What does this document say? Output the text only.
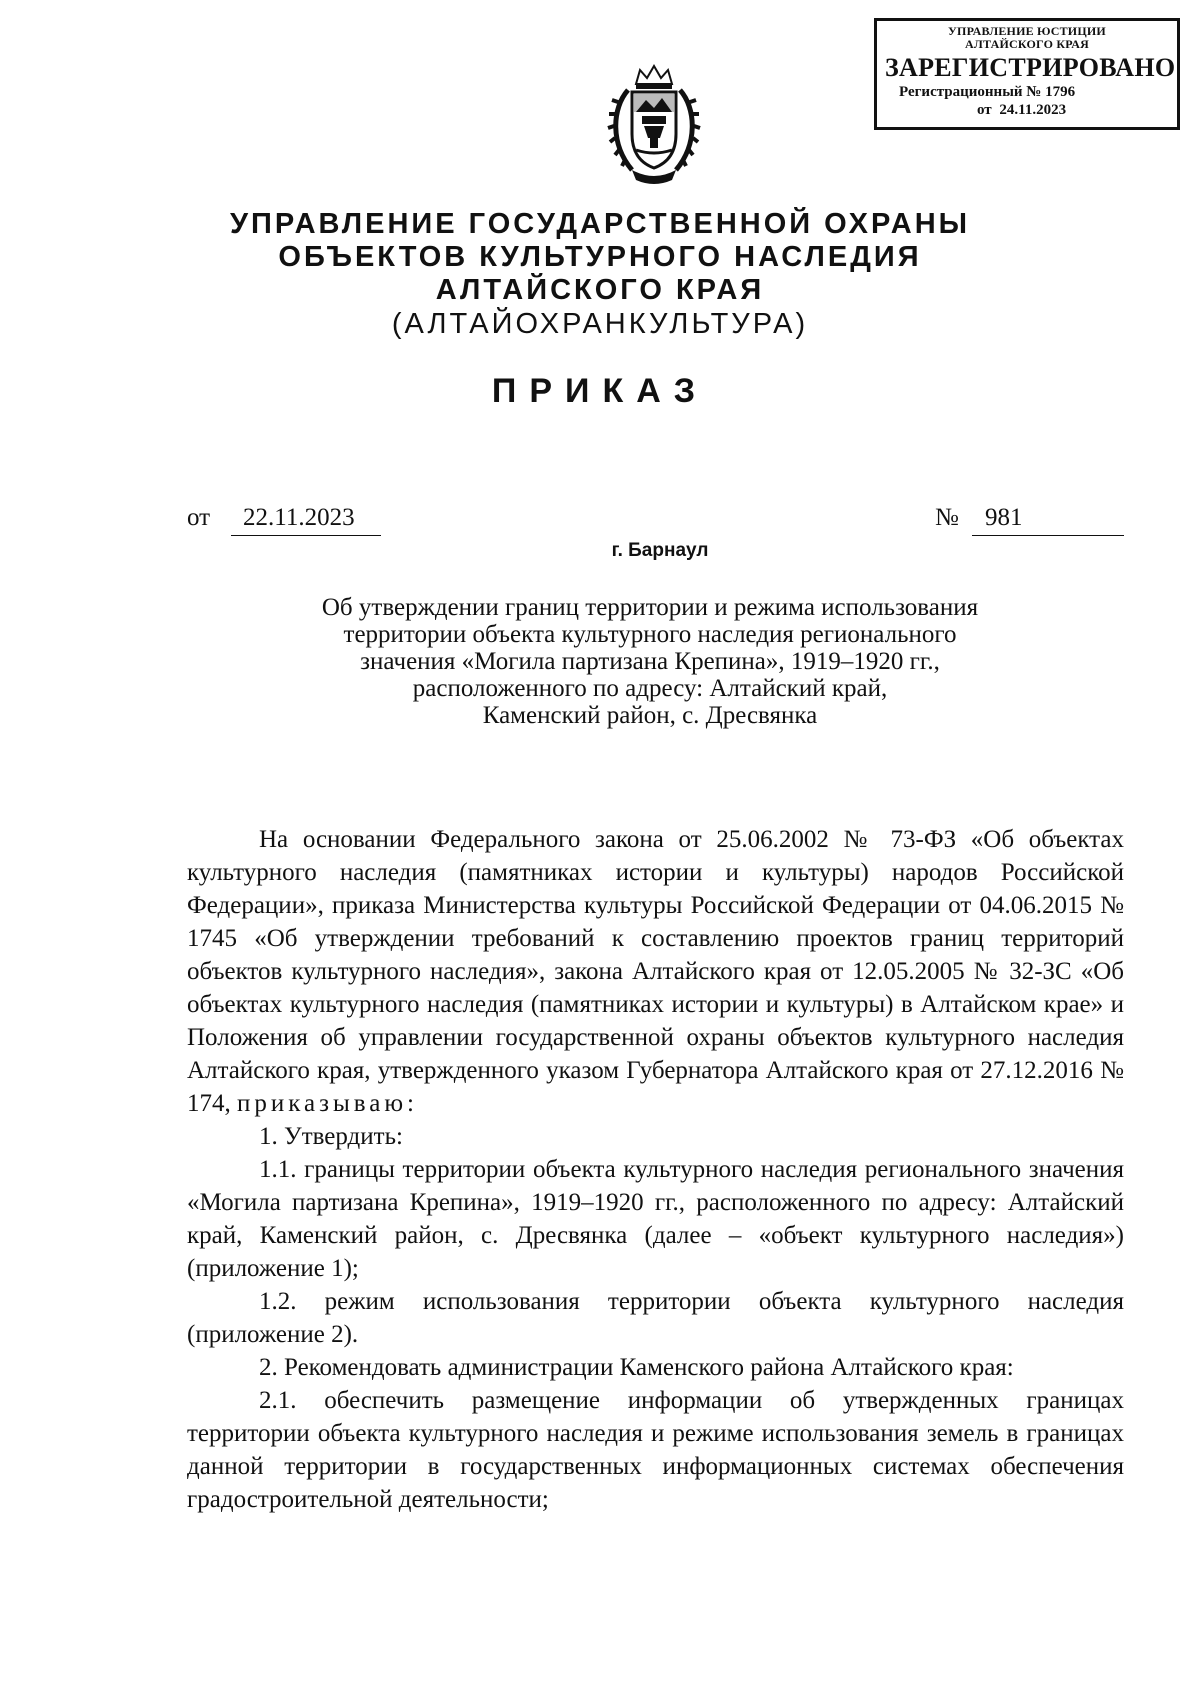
УПРАВЛЕНИЕ ЮСТИЦИИ
АЛТАЙСКОГО КРАЯ
ЗАРЕГИСТРИРОВАНО
Регистрационный № 1796
от 24.11.2023
УПРАВЛЕНИЕ ГОСУДАРСТВЕННОЙ ОХРАНЫ
ОБЪЕКТОВ КУЛЬТУРНОГО НАСЛЕДИЯ
АЛТАЙСКОГО КРАЯ
(АЛТАЙОХРАНКУЛЬТУРА)
ПРИКАЗ
от	22.11.2023	№	981
г. Барнаул
Об утверждении границ территории и режима использования
территории объекта культурного наследия регионального
значения «Могила партизана Крепина», 1919–1920 гг.,
расположенного по адресу: Алтайский край,
Каменский район, с. Дресвянка

На основании Федерального закона от 25.06.2002 № 73-ФЗ «Об объектах культурного наследия (памятниках истории и культуры) народов Российской Федерации», приказа Министерства культуры Российской Федерации от 04.06.2015 № 1745 «Об утверждении требований к составлению проектов границ территорий объектов культурного наследия», закона Алтайского края от 12.05.2005 № 32-ЗС «Об объектах культурного наследия (памятниках истории и культуры) в Алтайском крае» и Положения об управлении государственной охраны объектов культурного наследия Алтайского края, утвержденного указом Губернатора Алтайского края от 27.12.2016 № 174, приказываю:

1. Утвердить:

1.1. границы территории объекта культурного наследия регионального значения «Могила партизана Крепина», 1919–1920 гг., расположенного по адресу: Алтайский край, Каменский район, с. Дресвянка (далее – «объект культурного наследия») (приложение 1);

1.2. режим использования территории объекта культурного наследия (приложение 2).

2. Рекомендовать администрации Каменского района Алтайского края:

2.1. обеспечить размещение информации об утвержденных границах территории объекта культурного наследия и режиме использования земель в границах данной территории в государственных информационных системах обеспечения градостроительной деятельности;
